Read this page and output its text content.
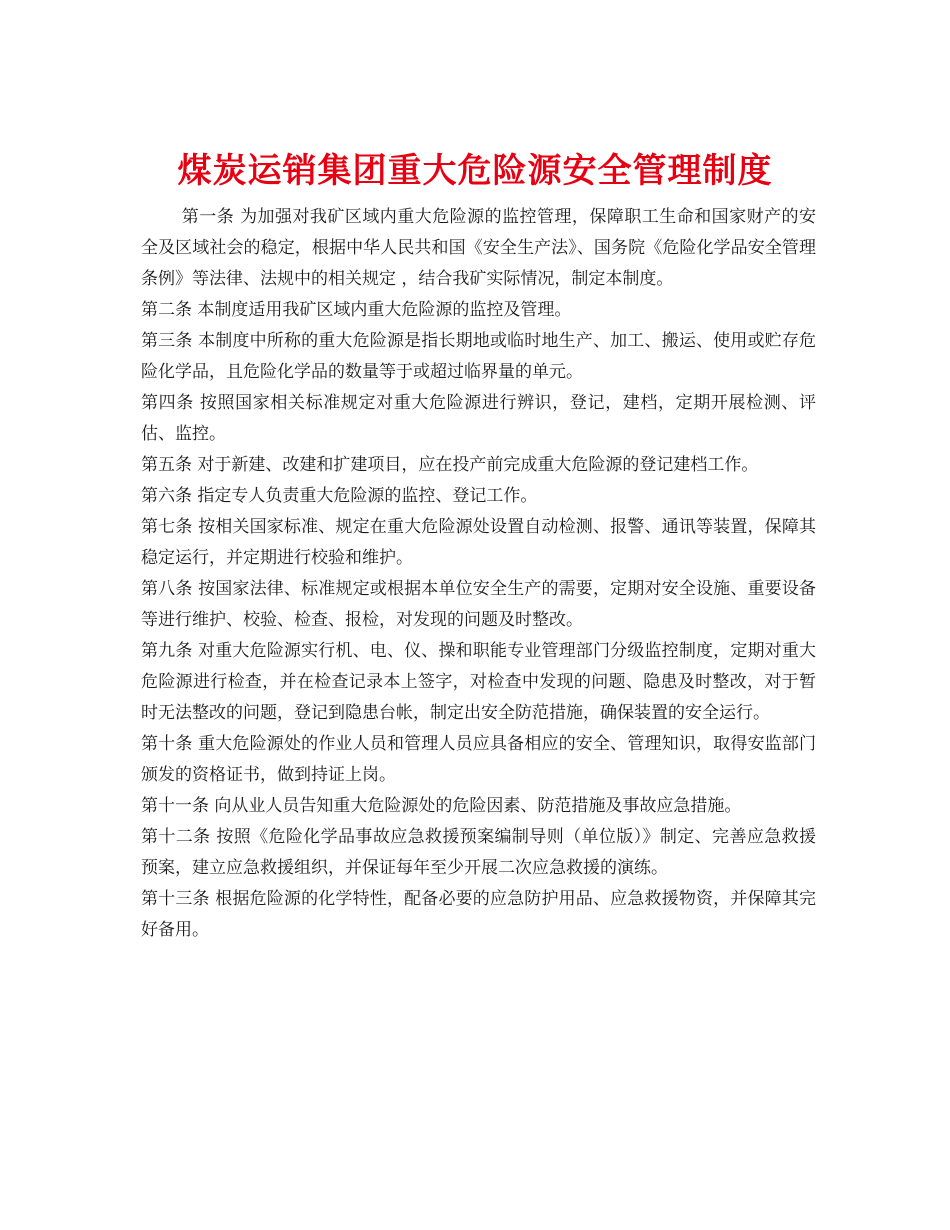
煤炭运销集团重大危险源安全管理制度

第一条 为加强对我矿区域内重大危险源的监控管理，保障职工生命和国家财产的安全及区域社会的稳定，根据中华人民共和国《安全生产法》、国务院《危险化学品安全管理条例》等法律、法规中的相关规定 ，结合我矿实际情况，制定本制度。

第二条 本制度适用我矿区域内重大危险源的监控及管理。

第三条 本制度中所称的重大危险源是指长期地或临时地生产、加工、搬运、使用或贮存危险化学品，且危险化学品的数量等于或超过临界量的单元。

第四条 按照国家相关标准规定对重大危险源进行辨识，登记，建档，定期开展检测、评估、监控。

第五条 对于新建、改建和扩建项目，应在投产前完成重大危险源的登记建档工作。

第六条 指定专人负责重大危险源的监控、登记工作。

第七条 按相关国家标准、规定在重大危险源处设置自动检测、报警、通讯等装置，保障其稳定运行，并定期进行校验和维护。

第八条 按国家法律、标准规定或根据本单位安全生产的需要，定期对安全设施、重要设备等进行维护、校验、检查、报检，对发现的问题及时整改。

第九条 对重大危险源实行机、电、仪、操和职能专业管理部门分级监控制度，定期对重大危险源进行检查，并在检查记录本上签字，对检查中发现的问题、隐患及时整改，对于暂时无法整改的问题，登记到隐患台帐，制定出安全防范措施，确保装置的安全运行。

第十条 重大危险源处的作业人员和管理人员应具备相应的安全、管理知识，取得安监部门颁发的资格证书，做到持证上岗。

第十一条 向从业人员告知重大危险源处的危险因素、防范措施及事故应急措施。

第十二条 按照《危险化学品事故应急救援预案编制导则（单位版）》制定、完善应急救援预案，建立应急救援组织，并保证每年至少开展二次应急救援的演练。

第十三条 根据危险源的化学特性，配备必要的应急防护用品、应急救援物资，并保障其完好备用。
